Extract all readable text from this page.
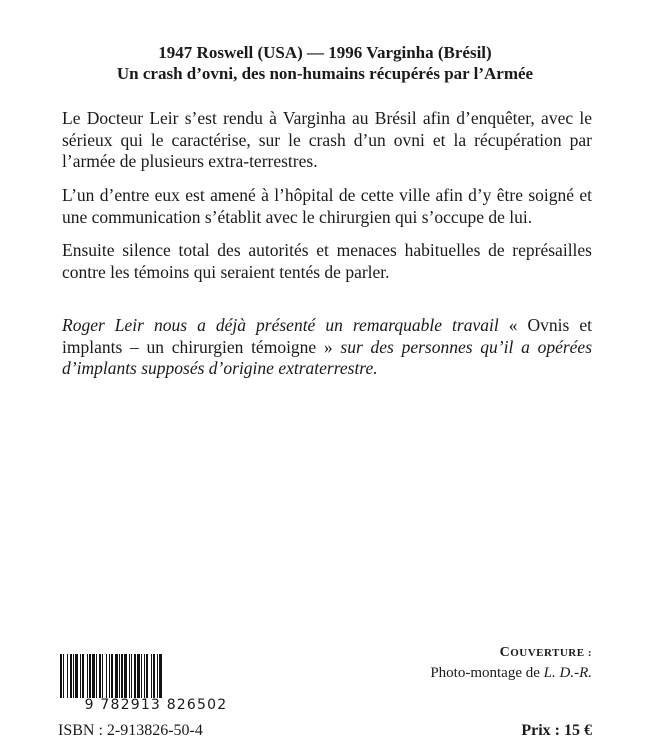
1947 Roswell (USA) — 1996 Varginha (Brésil)
Un crash d’ovni, des non-humains récupérés par l’Armée

Le Docteur Leir s’est rendu à Varginha au Brésil afin d’enquêter, avec le sérieux qui le caractérise, sur le crash d’un ovni et la récupération par l’armée de plusieurs extra-terrestres.

L’un d’entre eux est amené à l’hôpital de cette ville afin d’y être soigné et une communication s’établit avec le chirurgien qui s’occupe de lui.

Ensuite silence total des autorités et menaces habituelles de représailles contre les témoins qui seraient tentés de parler.

Roger Leir nous a déjà présenté un remarquable travail « Ovnis et implants – un chirurgien témoigne » sur des personnes qu’il a opérées d’implants supposés d’origine extraterrestre.

COUVERTURE :
Photo-montage de L. D.-R.
9 782913 826502
ISBN : 2-913826-50-4	Prix : 15 €
